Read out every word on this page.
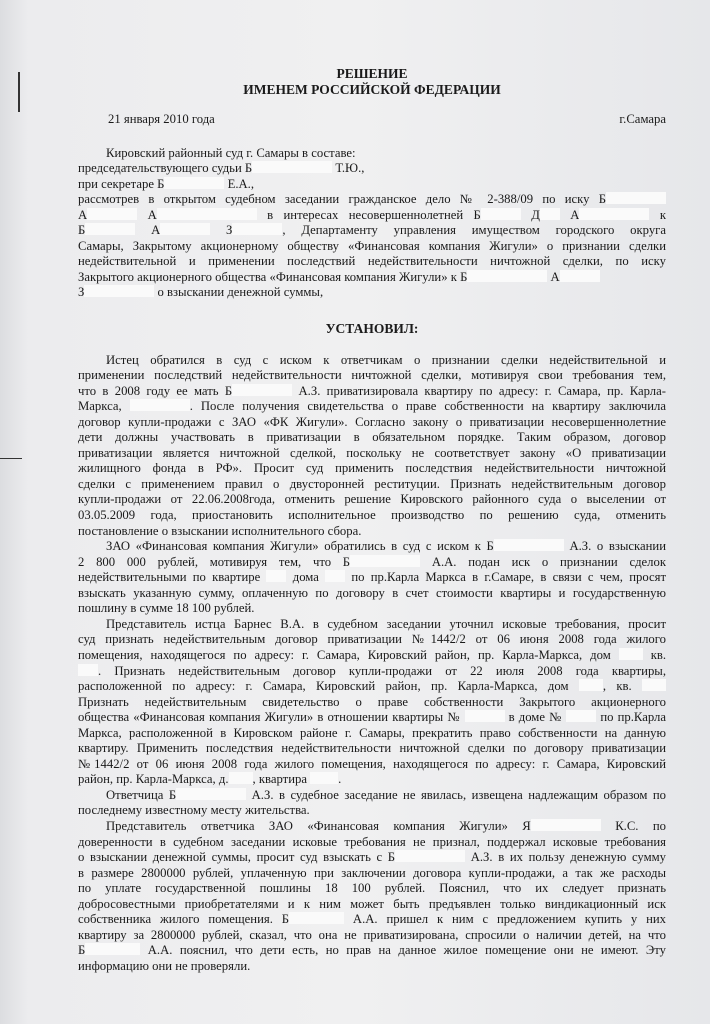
РЕШЕНИЕ
ИМЕНЕМ РОССИЙСКОЙ ФЕДЕРАЦИИ
21 января 2010 года	г.Самара
Кировский районный суд г. Самары в составе:
председательствующего судьи Б	Т.Ю.,
при секретаре Б	Е.А.,
рассмотрев в открытом судебном заседании гражданское дело № 2-388/09 по иску Б
А	А	в интересах несовершеннолетней Б	Д А	к
Б	А	З	, Департаменту управления имуществом городского округа
Самары, Закрытому акционерному обществу «Финансовая компания Жигули» о признании сделки
недействительной и применении последствий недействительности ничтожной сделки, по иску
Закрытого акционерного общества «Финансовая компания Жигули» к Б	А
З	о взыскании денежной суммы,
УСТАНОВИЛ:
Истец обратился в суд с иском к ответчикам о признании сделки недействительной и
применении последствий недействительности ничтожной сделки, мотивируя свои требования тем,
что в 2008 году ее мать Б	А.З. приватизировала квартиру по адресу: г. Самара, пр. Карла-
Маркса,	. После получения свидетельства о праве собственности на квартиру заключила
договор купли-продажи с ЗАО «ФК Жигули». Согласно закону о приватизации несовершеннолетние
дети должны участвовать в приватизации в обязательном порядке. Таким образом, договор
приватизации является ничтожной сделкой, поскольку не соответствует закону «О приватизации
жилищного фонда в РФ». Просит суд применить последствия недействительности ничтожной
сделки с применением правил о двусторонней реституции. Признать недействительным договор
купли-продажи от 22.06.2008года, отменить решение Кировского районного суда о выселении от
03.05.2009 года, приостановить исполнительное производство по решению суда, отменить
постановление о взыскании исполнительного сбора.
ЗАО «Финансовая компания Жигули» обратились в суд с иском к Б	А.З. о взыскании
2 800 000 рублей, мотивируя тем, что Б	А.А. подан иск о признании сделок
недействительными по квартире	дома	по пр.Карла Маркса в г.Самаре, в связи с чем, просят
взыскать указанную сумму, оплаченную по договору в счет стоимости квартиры и государственную
пошлину в сумме 18 100 рублей.
Представитель истца Барнес В.А. в судебном заседании уточнил исковые требования, просит
суд признать недействительным договор приватизации №1442/2 от 06 июня 2008 года жилого
помещения, находящегося по адресу: г. Самара, Кировский район, пр. Карла-Маркса, дом	кв.
. Признать недействительным договор купли-продажи от 22 июля 2008 года квартиры,
расположенной по адресу: г. Самара, Кировский район, пр. Карла-Маркса, дом	, кв.
Признать недействительным свидетельство о праве собственности Закрытого акционерного
общества «Финансовая компания Жигули» в отношении квартиры №	в доме №	по пр.Карла
Маркса, расположенной в Кировском районе г. Самары, прекратить право собственности на данную
квартиру. Применить последствия недействительности ничтожной сделки по договору приватизации
№1442/2 от 06 июня 2008 года жилого помещения, находящегося по адресу: г. Самара, Кировский
район, пр. Карла-Маркса, д. , квартира .
Ответчица Б	А.З. в судебное заседание не явилась, извещена надлежащим образом по
последнему известному месту жительства.
Представитель ответчика ЗАО «Финансовая компания Жигули» Я	К.С. по
доверенности в судебном заседании исковые требования не признал, поддержал исковые требования
о взыскании денежной суммы, просит суд взыскать с Б	А.З. в их пользу денежную сумму
в размере 2800000 рублей, уплаченную при заключении договора купли-продажи, а так же расходы
по уплате государственной пошлины 18 100 рублей. Пояснил, что их следует признать
добросовестными приобретателями и к ним может быть предъявлен только виндикационный иск
собственника жилого помещения. Б	А.А. пришел к ним с предложением купить у них
квартиру за 2800000 рублей, сказал, что она не приватизирована, спросили о наличии детей, на что
Б	А.А. пояснил, что дети есть, но прав на данное жилое помещение они не имеют. Эту
информацию они не проверяли.
